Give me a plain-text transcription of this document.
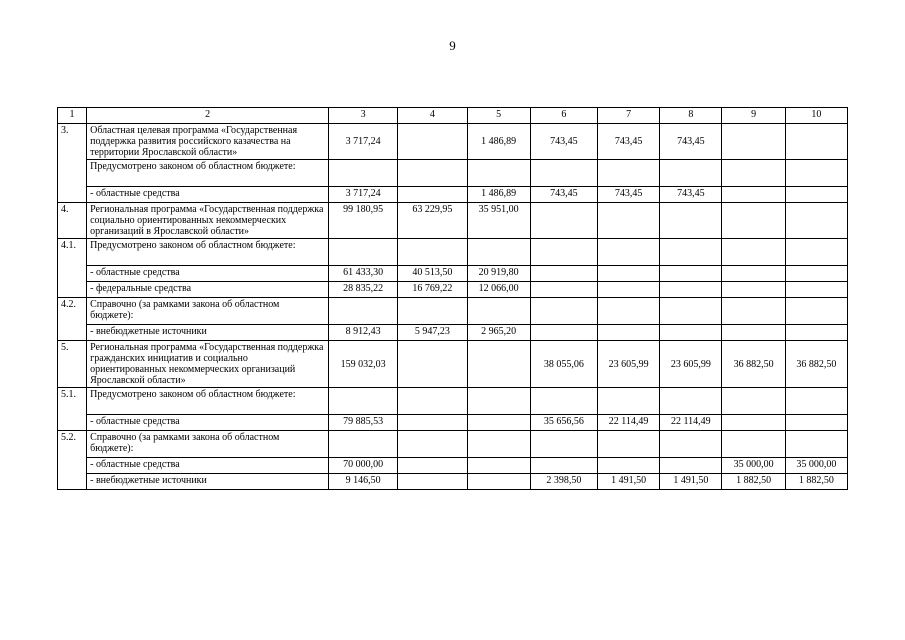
9
1	2	3	4	5	6	7	8	9	10
3.	Областная целевая программа «Государственная поддержка развития российского казачества на территории Ярославской области»	3 717,24		1 486,89	743,45	743,45	743,45		
	Предусмотрено законом об областном бюджете:								
	- областные средства	3 717,24		1 486,89	743,45	743,45	743,45		
4.	Региональная программа «Государственная поддержка социально ориентированных некоммерческих организаций в Ярославской области»	99 180,95	63 229,95	35 951,00					
4.1.	Предусмотрено законом об областном бюджете:								
	- областные средства	61 433,30	40 513,50	20 919,80					
	- федеральные средства	28 835,22	16 769,22	12 066,00					
4.2.	Справочно (за рамками закона об областном бюджете):								
	- внебюджетные источники	8 912,43	5 947,23	2 965,20					
5.	Региональная программа «Государственная поддержка гражданских инициатив и социально ориентированных некоммерческих организаций Ярославской области»	159 032,03			38 055,06	23 605,99	23 605,99	36 882,50	36 882,50
5.1.	Предусмотрено законом об областном бюджете:								
	- областные средства	79 885,53			35 656,56	22 114,49	22 114,49		
5.2.	Справочно (за рамками закона об областном бюджете):								
	- областные средства	70 000,00						35 000,00	35 000,00
	- внебюджетные источники	9 146,50			2 398,50	1 491,50	1 491,50	1 882,50	1 882,50
